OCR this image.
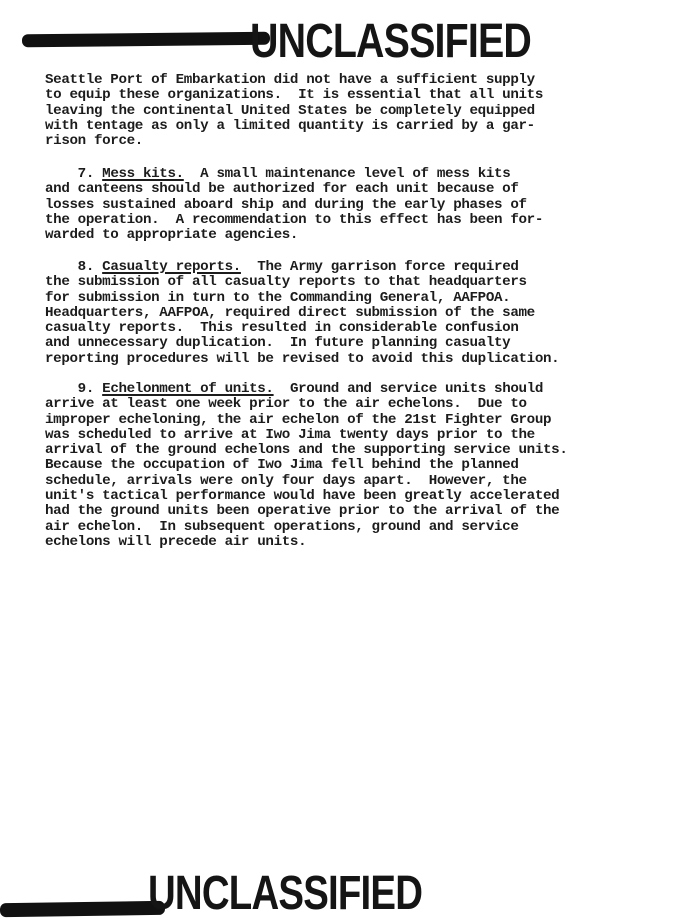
UNCLASSIFIED
Seattle Port of Embarkation did not have a sufficient supply
to equip these organizations.  It is essential that all units
leaving the continental United States be completely equipped
with tentage as only a limited quantity is carried by a gar-
rison force.
7. Mess kits. A small maintenance level of mess kits
and canteens should be authorized for each unit because of
losses sustained aboard ship and during the early phases of
the operation.  A recommendation to this effect has been for-
warded to appropriate agencies.
8. Casualty reports. The Army garrison force required
the submission of all casualty reports to that headquarters
for submission in turn to the Commanding General, AAFPOA.
Headquarters, AAFPOA, required direct submission of the same
casualty reports.  This resulted in considerable confusion
and unnecessary duplication.  In future planning casualty
reporting procedures will be revised to avoid this duplication.
9. Echelonment of units. Ground and service units should
arrive at least one week prior to the air echelons.  Due to
improper echeloning, the air echelon of the 21st Fighter Group
was scheduled to arrive at Iwo Jima twenty days prior to the
arrival of the ground echelons and the supporting service units.
Because the occupation of Iwo Jima fell behind the planned
schedule, arrivals were only four days apart.  However, the
unit's tactical performance would have been greatly accelerated
had the ground units been operative prior to the arrival of the
air echelon.  In subsequent operations, ground and service
echelons will precede air units.
UNCLASSIFIED
